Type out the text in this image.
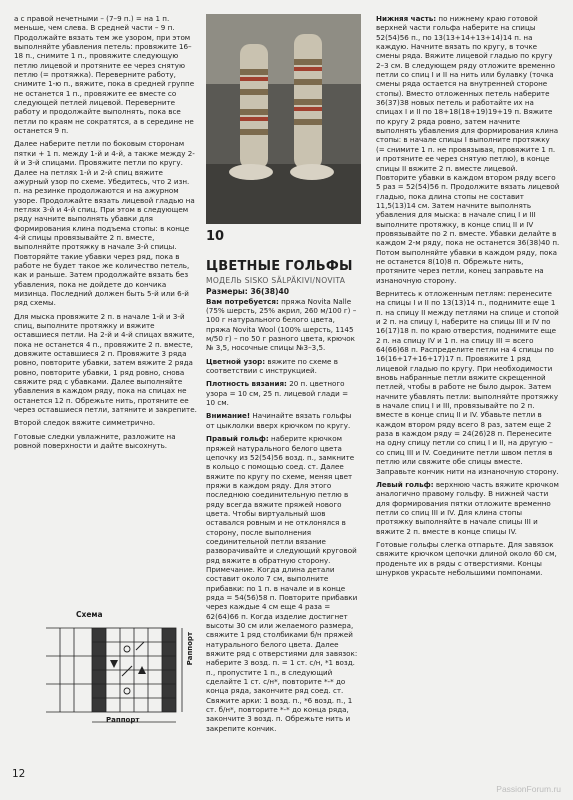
а с правой нечетными – (7–9 п.) = на 1 п. меньше, чем слева. В средней части – 9 п. Продолжайте вязать тем же узором, при этом выполняйте убавления петель: провяжите 16–18 п., снимите 1 п., провяжите следующую петлю лицевой и протяните ее через снятую петлю (= протяжка). Переверните работу, снимите 1-ю п., вяжите, пока в средней группе не останется 1 п., провяжите ее вместе со следующей петлей лицевой. Переверните работу и продолжайте выполнять, пока все петли по краям не сократятся, а в середине не останется 9 п.

Далее наберите петли по боковым сторонам пятки + 1 п. между 1-й и 4-й, а также между 2-й и 3-й спицами. Провяжите петли по кругу. Далее на петлях 1-й и 2-й спиц вяжите ажурный узор по схеме. Убедитесь, что 2 изн. п. на резинке продолжаются и на ажурном узоре. Продолжайте вязать лицевой гладью на петлях 3-й и 4-й спиц. При этом в следующем ряду начните выполнять убавки для формирования клина подъема стопы: в конце 4-й спицы провязывайте 2 п. вместе, выполняйте протяжку в начале 3-й спицы. Повторяйте такие убавки через ряд, пока в работе не будет такое же количество петель, как и раньше. Затем продолжайте вязать без убавления, пока не дойдете до кончика мизинца. Последний должен быть 5-й или 6-й ряд схемы.

Для мыска провяжите 2 п. в начале 1-й и 3-й спиц, выполните протяжку и вяжите оставшиеся петли. На 2-й и 4-й спицах вяжите, пока не останется 4 п., провяжите 2 п. вместе, довяжите оставшиеся 2 п. Провяжите 3 ряда ровно, повторите убавки, затем вяжите 2 ряда ровно, повторите убавки, 1 ряд ровно, снова свяжите ряд с убавками. Далее выполняйте убавления в каждом ряду, пока на спицах не останется 12 п. Обрежьте нить, протяните ее через оставшиеся петли, затяните и закрепите.

Второй следок вяжите симметрично.

Готовые следки увлажните, разложите на ровной поверхности и дайте высохнуть.

Схема
Раппорт
Раппорт
10
ЦВЕТНЫЕ ГОЛЬФЫ
МОДЕЛЬ SISKO SÄLPÄKIVI/NOVITA
Размеры: 36(38)40

Вам потребуется: пряжа Novita Nalle (75% шерсть, 25% акрил, 260 м/100 г) – 100 г натурального белого цвета, пряжа Novita Wool (100% шерсть, 1145 м/50 г) – по 50 г разного цвета, крючок № 3,5, носочные спицы №3–3,5.

Цветной узор: вяжите по схеме в соответствии с инструкцией.

Плотность вязания: 20 п. цветного узора = 10 см, 25 п. лицевой глади = 10 см.

Внимание! Начинайте вязать гольфы от цыклолки вверх крючком по кругу.

Правый гольф: наберите крючком пряжей натурального белого цвета цепочку из 52(54)56 возд. п., замкните в кольцо с помощью соед. ст. Далее вяжите по кругу по схеме, меняя цвет пряжи в каждом ряду. Для этого последнюю соединительную петлю в ряду всегда вяжите пряжей нового цвета. Чтобы виртуальный шов оставался ровным и не отклонялся в сторону, после выполнения соединительной петли вязание разворачивайте и следующий круговой ряд вяжите в обратную сторону. Примечание. Когда длина детали составит около 7 см, выполните прибавки: по 1 п. в начале и в конце ряда = 54(56)58 п. Повторите прибавки через каждые 4 см еще 4 раза = 62(64)66 п. Когда изделие достигнет высоты 30 см или желаемого размера, свяжите 1 ряд столбиками б/н пряжей натурального белого цвета. Далее вяжите ряд с отверстиями для завязок: наберите 3 возд. п. = 1 ст. с/н, *1 возд. п., пропустите 1 п., в следующий сделайте 1 ст. с/н*, повторите *-* до конца ряда, закончите ряд соед. ст. Свяжите арки: 1 возд. п., *6 возд. п., 1 ст. б/н*, повторите *-* до конца ряда, закончите 3 возд. п. Обрежьте нить и закрепите кончик.

Нижняя часть: по нижнему краю готовой верхней части гольфа наберите на спицы 52(54)56 п., по 13(13+14+13+14)14 п. на каждую. Начните вязать по кругу, в точке смены ряда. Вяжите лицевой гладью по кругу 2–3 см. В следующем ряду отложите временно петли со спиц I и II на нить или булавку (точка смены ряда остается на внутренней стороне стопы). Вместо отложенных петель наберите 36(37)38 новых петель и работайте их на спицах I и II по 18+18(18+19)19+19 п. Вяжите по кругу 2 ряда ровно, затем начните выполнять убавления для формирования клина стопы: в начале спицы I выполните протяжку (= снимите 1 п. не провязывая, провяжите 1 п. и протяните ее через снятую петлю), в конце спицы II вяжите 2 п. вместе лицевой. Повторите убавки в каждом втором ряду всего 5 раз = 52(54)56 п. Продолжите вязать лицевой гладью, пока длина стопы не составит 11,5(13)14 см. Затем начните выполнять убавления для мыска: в начале спиц I и III выполните протяжку, в конце спиц II и IV провязывайте по 2 п. вместе. Убавки делайте в каждом 2-м ряду, пока не останется 36(38)40 п. Потом выполняйте убавки в каждом ряду, пока не останется 8(10)8 п. Обрежьте нить, протяните через петли, конец заправьте на изнаночную сторону.

Вернитесь к отложенным петлям: перенесите на спицы I и II по 13(13)14 п., поднимите еще 1 п. на спицу II между петлями на спице и стопой и 2 п. на спицу I, наберите на спицы III и IV по 16(17)18 п. по краю отверстия, поднимите еще 2 п. на спицу IV и 1 п. на спицу III = всего 64(66)68 п. Распределите петли на 4 спицы по 16(16+17+16+17)17 п. Провяжите 1 ряд лицевой гладью по кругу. При необходимости вновь набранные петли вяжите скрещенной петлей, чтобы в работе не было дырок. Затем начните убавлять петли: выполняйте протяжку в начале спиц I и III, провязывайте по 2 п. вместе в конце спиц II и IV. Убавьте петли в каждом втором ряду всего 8 раз, затем еще 2 раза в каждом ряду = 24(26)28 п. Перенесите на одну спицу петли со спиц I и II, на другую – со спиц III и IV. Соедините петли швом петля в петлю или свяжите обе спицы вместе. Заправьте кончик нити на изнаночную сторону.

Левый гольф: верхнюю часть вяжите крючком аналогично правому гольфу. В нижней части для формирования пятки отложите временно петли со спиц III и IV. Для клина стопы протяжку выполняйте в начале спицы III и вяжите 2 п. вместе в конце спицы IV.

Готовые гольфы слегка отпарьте. Для завязок свяжите крючком цепочки длиной около 60 см, проденьте их в ряды с отверстиями. Концы шнурков украсьте небольшими помпонами.

12
PassionForum.ru
